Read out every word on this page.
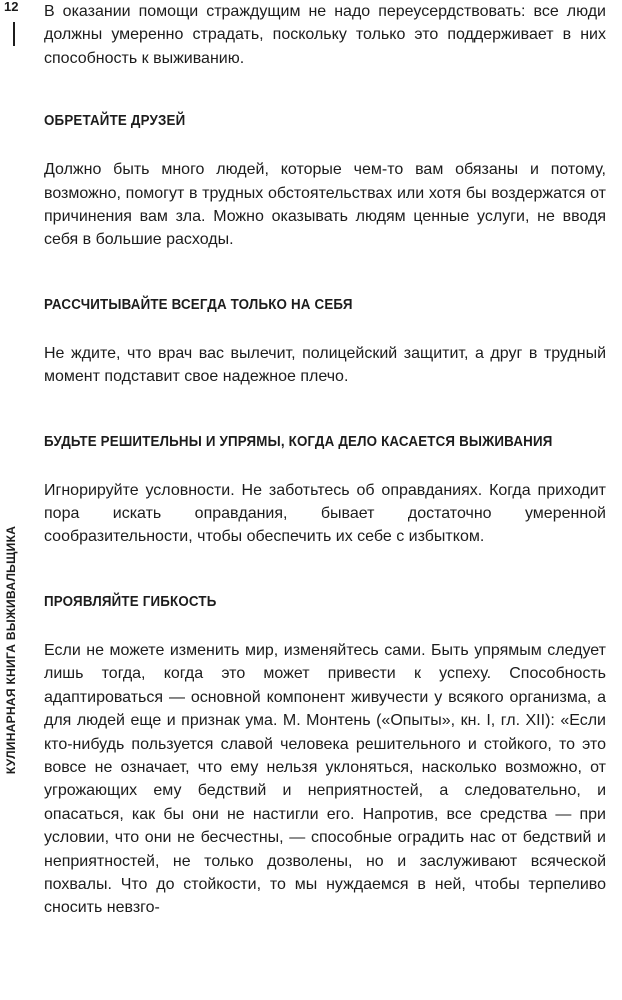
12
КУЛИНАРНАЯ КНИГА ВЫЖИВАЛЬЩИКА

В оказании помощи страждущим не надо переусердствовать: все люди должны умеренно страдать, поскольку только это поддерживает в них способность к выживанию.

ОБРЕТАЙТЕ ДРУЗЕЙ

Должно быть много людей, которые чем-то вам обязаны и потому, возможно, помогут в трудных обстоятельствах или хотя бы воздержатся от причинения вам зла. Можно оказывать людям ценные услуги, не вводя себя в большие расходы.

РАССЧИТЫВАЙТЕ ВСЕГДА ТОЛЬКО НА СЕБЯ

Не ждите, что врач вас вылечит, полицейский защитит, а друг в трудный момент подставит свое надежное плечо.

БУДЬТЕ РЕШИТЕЛЬНЫ И УПРЯМЫ, КОГДА ДЕЛО КАСАЕТСЯ ВЫЖИВАНИЯ

Игнорируйте условности. Не заботьтесь об оправданиях. Когда приходит пора искать оправдания, бывает достаточно умеренной сообразительности, чтобы обеспечить их себе с избытком.

ПРОЯВЛЯЙТЕ ГИБКОСТЬ

Если не можете изменить мир, изменяйтесь сами. Быть упрямым следует лишь тогда, когда это может привести к успеху. Способность адаптироваться — основной компонент живучести у всякого организма, а для людей еще и признак ума. М. Монтень («Опыты», кн. I, гл. XII): «Если кто-нибудь пользуется славой человека решительного и стойкого, то это вовсе не означает, что ему нельзя уклоняться, насколько возможно, от угрожающих ему бедствий и неприятностей, а следовательно, и опасаться, как бы они не настигли его. Напротив, все средства — при условии, что они не бесчестны, — способные оградить нас от бедствий и неприятностей, не только дозволены, но и заслуживают всяческой похвалы. Что до стойкости, то мы нуждаемся в ней, чтобы терпеливо сносить невзго-
